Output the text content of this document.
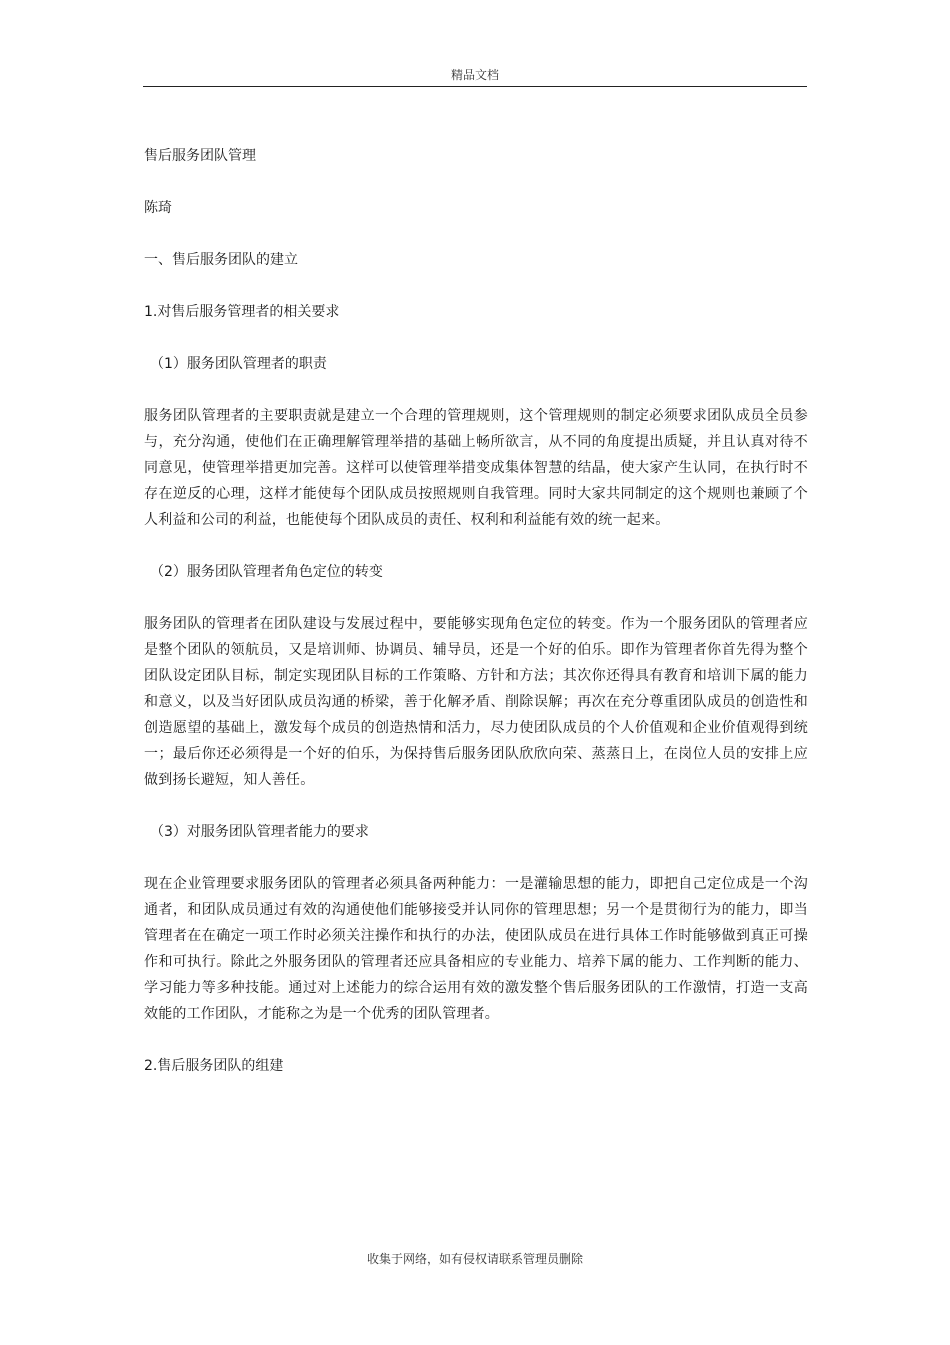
精品文档
售后服务团队管理
陈琦
一、售后服务团队的建立
1.对售后服务管理者的相关要求
（1）服务团队管理者的职责
服务团队管理者的主要职责就是建立一个合理的管理规则，这个管理规则的制定必须要求团队成员全员参与，充分沟通，使他们在正确理解管理举措的基础上畅所欲言，从不同的角度提出质疑，并且认真对待不同意见，使管理举措更加完善。这样可以使管理举措变成集体智慧的结晶，使大家产生认同，在执行时不存在逆反的心理，这样才能使每个团队成员按照规则自我管理。同时大家共同制定的这个规则也兼顾了个人利益和公司的利益，也能使每个团队成员的责任、权利和利益能有效的统一起来。
（2）服务团队管理者角色定位的转变
服务团队的管理者在团队建设与发展过程中，要能够实现角色定位的转变。作为一个服务团队的管理者应是整个团队的领航员，又是培训师、协调员、辅导员，还是一个好的伯乐。即作为管理者你首先得为整个团队设定团队目标，制定实现团队目标的工作策略、方针和方法；其次你还得具有教育和培训下属的能力和意义，以及当好团队成员沟通的桥梁，善于化解矛盾、削除误解；再次在充分尊重团队成员的创造性和创造愿望的基础上，激发每个成员的创造热情和活力，尽力使团队成员的个人价值观和企业价值观得到统一；最后你还必须得是一个好的伯乐，为保持售后服务团队欣欣向荣、蒸蒸日上，在岗位人员的安排上应做到扬长避短，知人善任。
（3）对服务团队管理者能力的要求
现在企业管理要求服务团队的管理者必须具备两种能力：一是灌输思想的能力，即把自己定位成是一个沟通者，和团队成员通过有效的沟通使他们能够接受并认同你的管理思想；另一个是贯彻行为的能力，即当管理者在在确定一项工作时必须关注操作和执行的办法，使团队成员在进行具体工作时能够做到真正可操作和可执行。除此之外服务团队的管理者还应具备相应的专业能力、培养下属的能力、工作判断的能力、学习能力等多种技能。通过对上述能力的综合运用有效的激发整个售后服务团队的工作激情，打造一支高效能的工作团队，才能称之为是一个优秀的团队管理者。
2.售后服务团队的组建
收集于网络，如有侵权请联系管理员删除
